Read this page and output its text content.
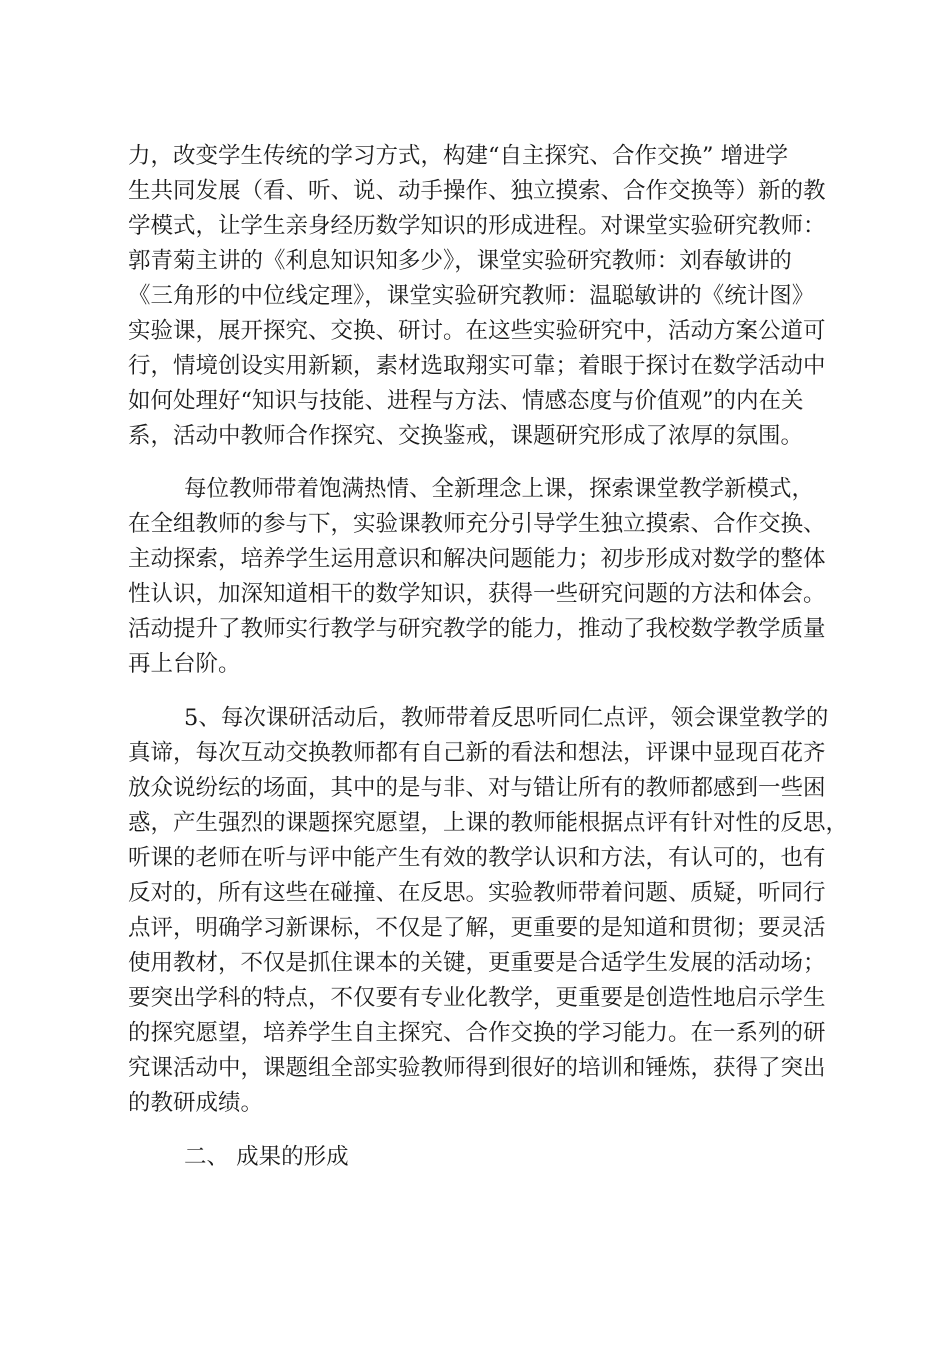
力，改变学生传统的学习方式，构建“自主探究、合作交换” 增进学
生共同发展（看、听、说、动手操作、独立摸索、合作交换等）新的教
学模式，让学生亲身经历数学知识的形成进程。对课堂实验研究教师：
郭青菊主讲的《利息知识知多少》，课堂实验研究教师：刘春敏讲的
《三角形的中位线定理》，课堂实验研究教师：温聪敏讲的《统计图》
实验课，展开探究、交换、研讨。在这些实验研究中，活动方案公道可
行，情境创设实用新颖，素材选取翔实可靠；着眼于探讨在数学活动中
如何处理好“知识与技能、进程与方法、情感态度与价值观”的内在关
系，活动中教师合作探究、交换鉴戒，课题研究形成了浓厚的氛围。
每位教师带着饱满热情、全新理念上课，探索课堂教学新模式，
在全组教师的参与下，实验课教师充分引导学生独立摸索、合作交换、
主动探索，培养学生运用意识和解决问题能力；初步形成对数学的整体
性认识，加深知道相干的数学知识，获得一些研究问题的方法和体会。
活动提升了教师实行教学与研究教学的能力，推动了我校数学教学质量
再上台阶。
5、每次课研活动后，教师带着反思听同仁点评，领会课堂教学的
真谛，每次互动交换教师都有自己新的看法和想法，评课中显现百花齐
放众说纷纭的场面，其中的是与非、对与错让所有的教师都感到一些困
惑，产生强烈的课题探究愿望，上课的教师能根据点评有针对性的反思，
听课的老师在听与评中能产生有效的教学认识和方法，有认可的，也有
反对的，所有这些在碰撞、在反思。实验教师带着问题、质疑，听同行
点评，明确学习新课标，不仅是了解，更重要的是知道和贯彻；要灵活
使用教材，不仅是抓住课本的关键，更重要是合适学生发展的活动场；
要突出学科的特点，不仅要有专业化教学，更重要是创造性地启示学生
的探究愿望，培养学生自主探究、合作交换的学习能力。在一系列的研
究课活动中，课题组全部实验教师得到很好的培训和锤炼，获得了突出
的教研成绩。
二、 成果的形成
